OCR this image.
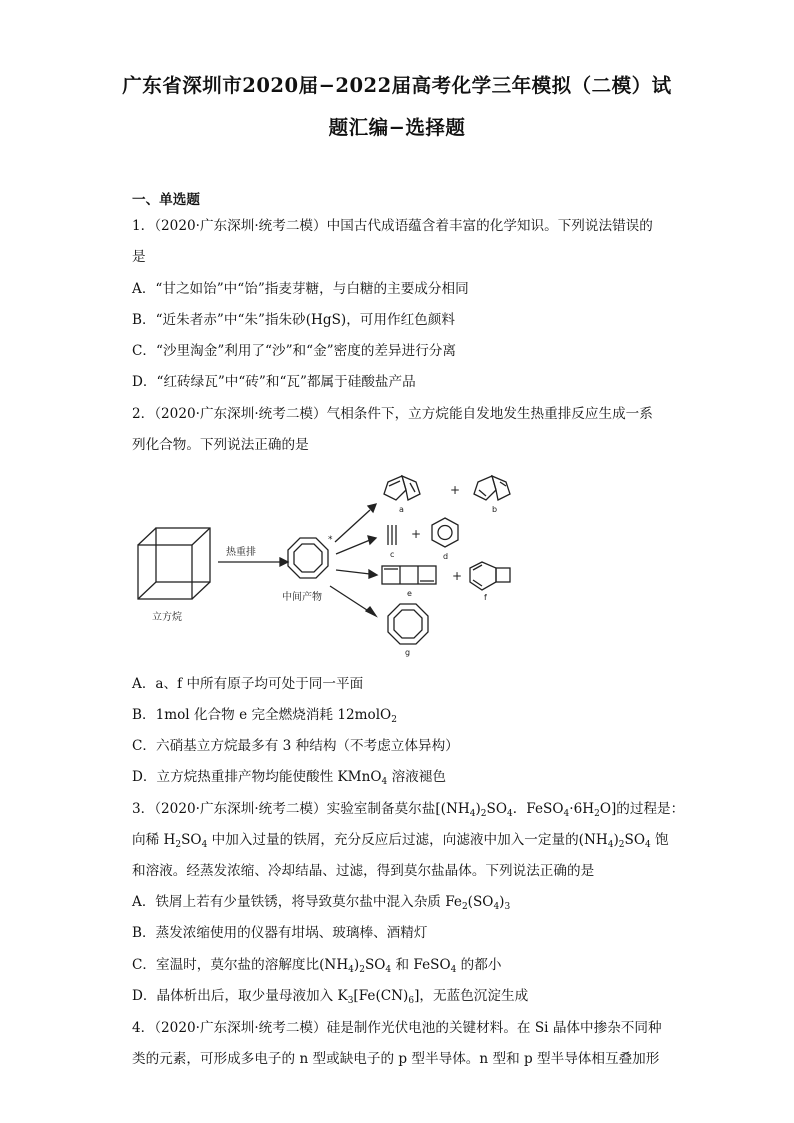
广东省深圳市2020届−2022届高考化学三年模拟（二模）试
题汇编−选择题
一、单选题
1．（2020·广东深圳·统考二模）中国古代成语蕴含着丰富的化学知识。下列说法错误的
是
A．“甘之如饴”中“饴”指麦芽糖，与白糖的主要成分相同
B．“近朱者赤”中“朱”指朱砂(HgS)，可用作红色颜料
C．“沙里淘金”利用了“沙”和“金”密度的差异进行分离
D．“红砖绿瓦”中“砖”和“瓦”都属于硅酸盐产品
2．（2020·广东深圳·统考二模）气相条件下，立方烷能自发地发生热重排反应生成一系
列化合物。下列说法正确的是
立方烷
热重排
*
中间产物
+
+
+
a	b
c	d
e	f
g
A．a、f 中所有原子均可处于同一平面
B．1mol 化合物 e 完全燃烧消耗 12molO$_2$
C．六硝基立方烷最多有 3 种结构（不考虑立体异构）
D．立方烷热重排产物均能使酸性 KMnO$_4$ 溶液褪色
3．（2020·广东深圳·统考二模）实验室制备莫尔盐[$(NH_4)_2SO_4$．$FeSO_4\cdot 6H_2O$]的过程是：
向稀 $H_2SO_4$ 中加入过量的铁屑，充分反应后过滤，向滤液中加入一定量的$(NH_4)_2SO_4$ 饱
和溶液。经蒸发浓缩、冷却结晶、过滤，得到莫尔盐晶体。下列说法正确的是
A．铁屑上若有少量铁锈，将导致莫尔盐中混入杂质 $Fe_2(SO_4)_3$
B．蒸发浓缩使用的仪器有坩埚、玻璃棒、酒精灯
C．室温时，莫尔盐的溶解度比$(NH_4)_2SO_4$ 和 FeSO$_4$ 的都小
D．晶体析出后，取少量母液加入 $K_3[Fe(CN)_6]$，无蓝色沉淀生成
4．（2020·广东深圳·统考二模）硅是制作光伏电池的关键材料。在 Si 晶体中掺杂不同种
类的元素，可形成多电子的 n 型或缺电子的 p 型半导体。n 型和 p 型半导体相互叠加形
